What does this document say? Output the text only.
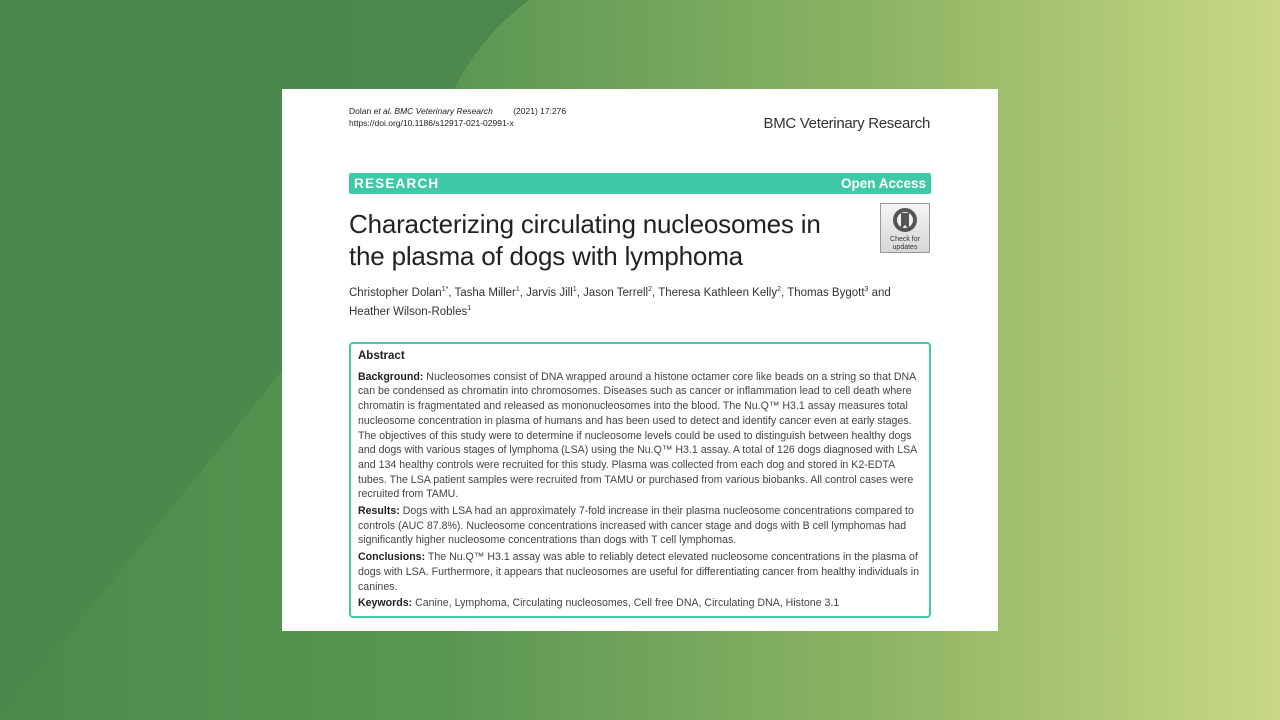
Dolan et al. BMC Veterinary Research (2021) 17:276
https://doi.org/10.1186/s12917-021-02991-x	BMC Veterinary Research
RESEARCH	Open Access
Characterizing circulating nucleosomes in the plasma of dogs with lymphoma
Check for
updates
Christopher Dolan$^{1*}$, Tasha Miller$^1$, Jarvis Jill$^1$, Jason Terrell$^2$, Theresa Kathleen Kelly$^2$, Thomas Bygott$^3$ and Heather Wilson-Robles$^1$
Abstract

Background: Nucleosomes consist of DNA wrapped around a histone octamer core like beads on a string so that DNA can be condensed as chromatin into chromosomes. Diseases such as cancer or inflammation lead to cell death where chromatin is fragmentated and released as mononucleosomes into the blood. The Nu.Q™ H3.1 assay measures total nucleosome concentration in plasma of humans and has been used to detect and identify cancer even at early stages. The objectives of this study were to determine if nucleosome levels could be used to distinguish between healthy dogs and dogs with various stages of lymphoma (LSA) using the Nu.Q™ H3.1 assay. A total of 126 dogs diagnosed with LSA and 134 healthy controls were recruited for this study. Plasma was collected from each dog and stored in K2-EDTA tubes. The LSA patient samples were recruited from TAMU or purchased from various biobanks. All control cases were recruited from TAMU.

Results: Dogs with LSA had an approximately 7-fold increase in their plasma nucleosome concentrations compared to controls (AUC 87.8%). Nucleosome concentrations increased with cancer stage and dogs with B cell lymphomas had significantly higher nucleosome concentrations than dogs with T cell lymphomas.

Conclusions: The Nu.Q™ H3.1 assay was able to reliably detect elevated nucleosome concentrations in the plasma of dogs with LSA. Furthermore, it appears that nucleosomes are useful for differentiating cancer from healthy individuals in canines.

Keywords: Canine, Lymphoma, Circulating nucleosomes, Cell free DNA, Circulating DNA, Histone 3.1
